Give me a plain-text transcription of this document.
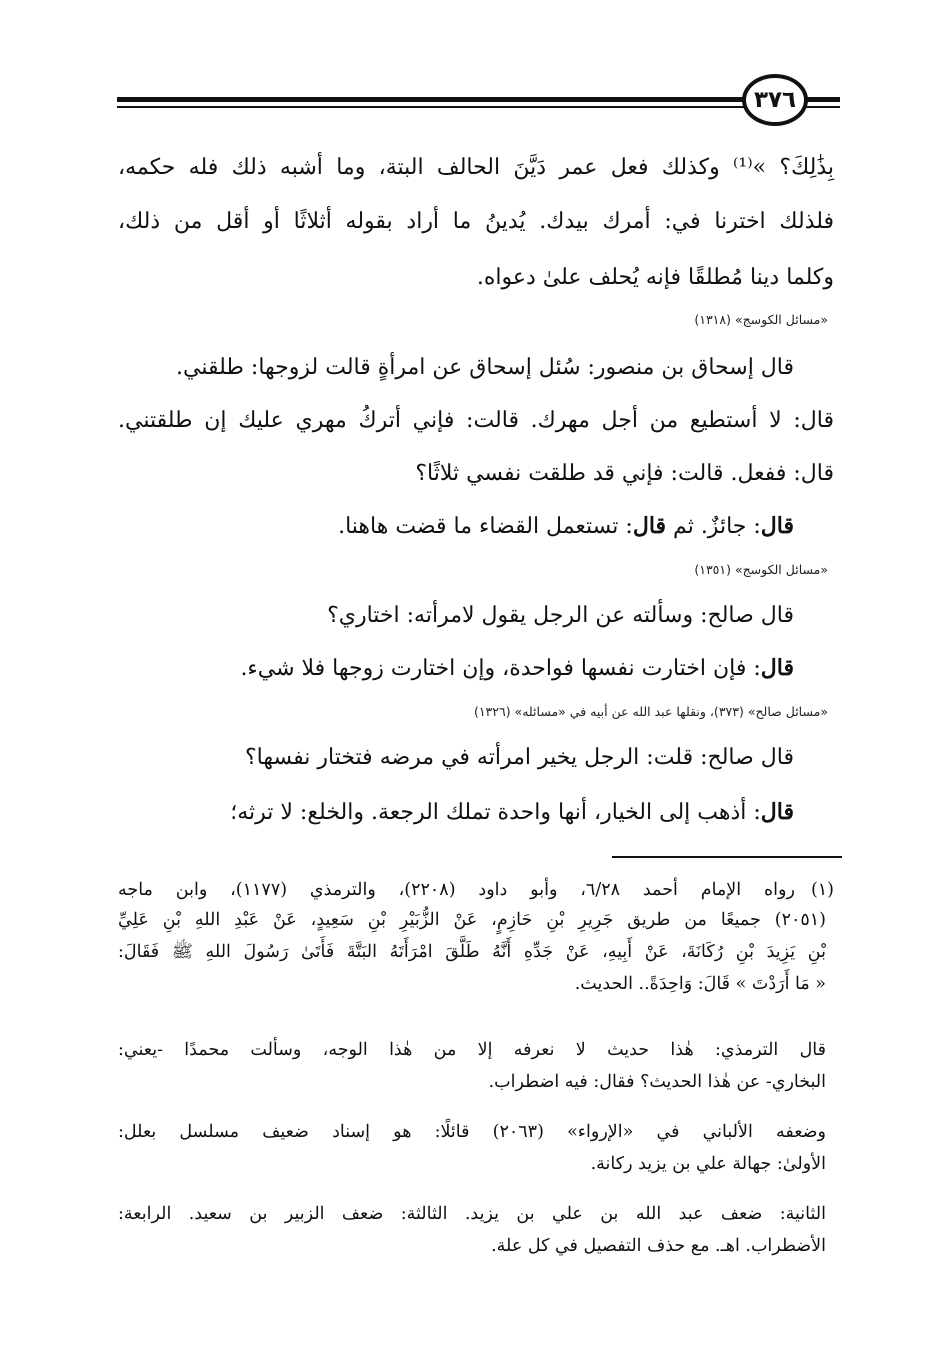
٣٧٦
بِذَٰلِكَ؟ »⁽¹⁾ وكذلك فعل عمر دَيَّنَ الحالف البتة، وما أشبه ذلك فله حكمه،
فلذلك اخترنا في: أمرك بيدك. يُدينُ ما أراد بقوله أثلاثًا أو أقل من ذلك،
وكلما دينا مُطلقًا فإنه يُحلف علىٰ دعواه.
«مسائل الكوسج» (١٣١٨)
قال إسحاق بن منصور: سُئل إسحاق عن امرأةٍ قالت لزوجها: طلقني.
قال: لا أستطيع من أجل مهرك. قالت: فإني أتركُ مهري عليك إن طلقتني.
قال: ففعل. قالت: فإني قد طلقت نفسي ثلاثًا؟
قال: جائزٌ. ثم قال: تستعمل القضاء ما قضت هاهنا.
«مسائل الكوسج» (١٣٥١)
قال صالح: وسألته عن الرجل يقول لامرأته: اختاري؟
قال: فإن اختارت نفسها فواحدة، وإن اختارت زوجها فلا شيء.
«مسائل صالح» (٣٧٣)، ونقلها عبد الله عن أبيه في «مسائله» (١٣٢٦)
قال صالح: قلت: الرجل يخير امرأته في مرضه فتختار نفسها؟
قال: أذهب إلى الخيار، أنها واحدة تملك الرجعة. والخلع: لا ترثه؛
(١)رواه الإمام أحمد ٦/٢٨، وأبو داود (٢٢٠٨)، والترمذي (١١٧٧)، وابن ماجه
(٢٠٥١) جميعًا من طريق جَرِيرِ بْنِ حَازِمٍ، عَنْ الزُّبَيْرِ بْنِ سَعِيدٍ، عَنْ عَبْدِ اللهِ بْنِ عَلِيِّ
بْنِ يَزِيدَ بْنِ رُكَانَةَ، عَنْ أَبِيهِ، عَنْ جَدِّهِ أَنَّهُ طَلَّقَ امْرَأَتَهُ البَتَّةَ فَأَتَىٰ رَسُولَ اللهِ ﷺ فَقَالَ:
« مَا أَرَدْتَ » قَالَ: وَاحِدَةً.. الحديث.
قال الترمذي: هٰذا حديث لا نعرفه إلا من هٰذا الوجه، وسألت محمدًا -يعني:
البخاري- عن هٰذا الحديث؟ فقال: فيه اضطراب.
وضعفه الألباني في «الإرواء» (٢٠٦٣) قائلًا: هو إسناد ضعيف مسلسل بعلل:
الأولىٰ: جهالة علي بن يزيد ركانة.
الثانية: ضعف عبد الله بن علي بن يزيد. الثالثة: ضعف الزبير بن سعيد. الرابعة:
الأضطراب. اهـ. مع حذف التفصيل في كل علة.
